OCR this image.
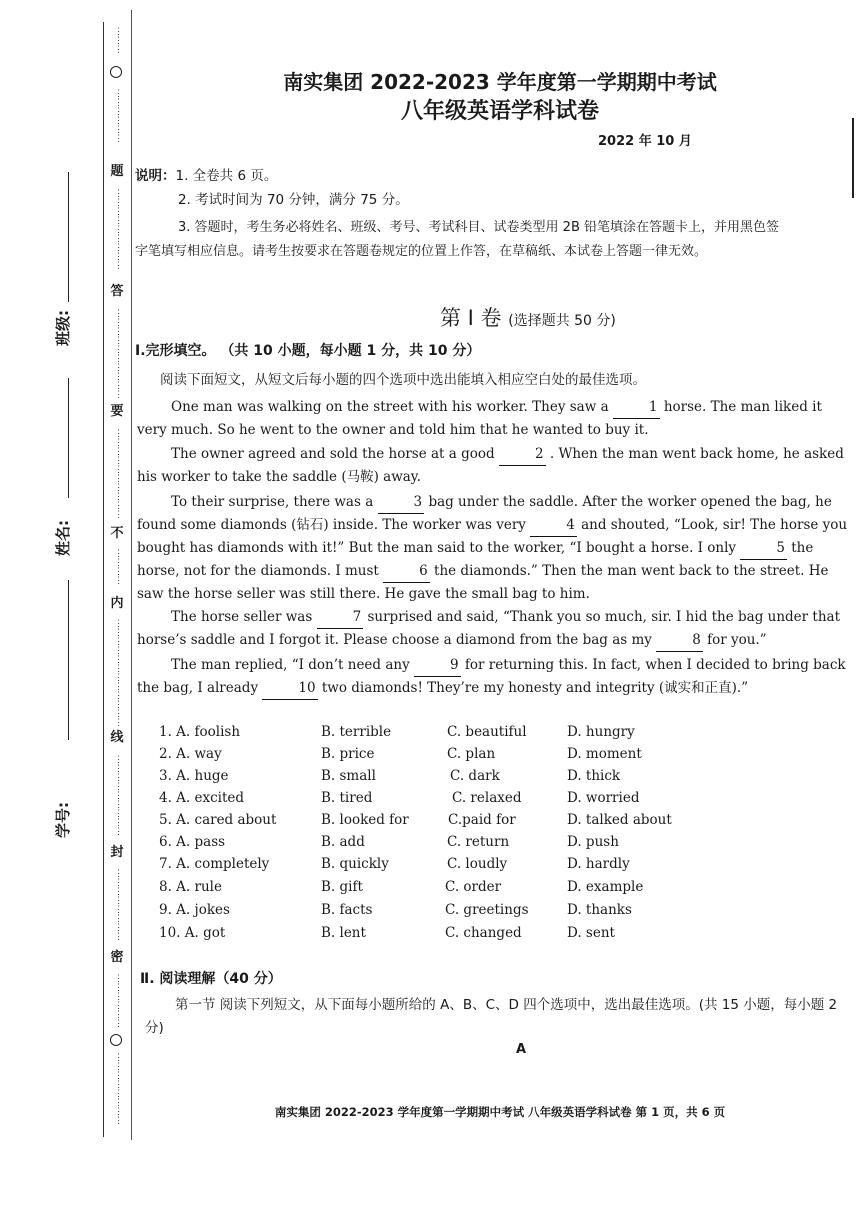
题
答
要
不
内
线
封
密
⋮
⋮
⋮
⋮
⋮
⋮
⋮
⋮
⋮
⋮
⋮
⋮
⋮
⋮
⋮
⋮
⋮
⋮
⋮
⋮
⋮
⋮
⋮
⋮
⋮
⋮
⋮
⋮
⋮
⋮
⋮
⋮
⋮
⋮
⋮
⋮
⋮
⋮
⋮
⋮
⋮
⋮
⋮
⋮
⋮
⋮
⋮
⋮
⋮
⋮
⋮
⋮
⋮
⋮
⋮
⋮
⋮
⋮
⋮
⋮
⋮
⋮
⋮
⋮
⋮
⋮
⋮
⋮
⋮
⋮
⋮
⋮
⋮
⋮
⋮
⋮
⋮
⋮
⋮
⋮
⋮
⋮
⋮
⋮
⋮
班级:
姓名:
学号:
南实集团 2022-2023 学年度第一学期期中考试
八年级英语学科试卷
2022 年 10 月
说明：1. 全卷共 6 页。
2. 考试时间为 70 分钟，满分 75 分。
3. 答题时，考生务必将姓名、班级、考号、考试科目、试卷类型用 2B 铅笔填涂在答题卡上，并用黑色签
字笔填写相应信息。请考生按要求在答题卷规定的位置上作答，在草稿纸、本试卷上答题一律无效。
第 Ⅰ 卷 (选择题共 50 分)
Ⅰ.完形填空。 （共 10 小题，每小题 1 分，共 10 分）
阅读下面短文，从短文后每小题的四个选项中选出能填入相应空白处的最佳选项。
One man was walking on the street with his worker. They saw a	1 horse. The man liked it very much. So he went to the owner and told him that he wanted to buy it.
The owner agreed and sold the horse at a good	2 . When the man went back home, he asked his worker to take the saddle (马鞍) away.
To their surprise, there was a	3 bag under the saddle. After the worker opened the bag, he found some diamonds (钻石) inside. The worker was very	4 and shouted, “Look, sir! The horse you bought has diamonds with it!” But the man said to the worker, “I bought a horse. I only	5 the horse, not for the diamonds. I must	6 the diamonds.” Then the man went back to the street. He saw the horse seller was still there. He gave the small bag to him.
The horse seller was	7 surprised and said, “Thank you so much, sir. I hid the bag under that horse’s saddle and I forgot it. Please choose a diamond from the bag as my	8 for you.”
The man replied, “I don’t need any	9 for returning this. In fact, when I decided to bring back the bag, I already	10 two diamonds! They’re my honesty and integrity (诚实和正直).”
1. A. foolish	B. terrible	C. beautiful	D. hungry
2. A. way	B. price	C. plan	D. moment
3. A. huge	B. small	C. dark	D. thick
4. A. excited	B. tired	C. relaxed	D. worried
5. A. cared about	B. looked for	C.paid for	D. talked about
6. A. pass	B. add	C. return	D. push
7. A. completely	B. quickly	C. loudly	D. hardly
8. A. rule	B. gift	C. order	D. example
9. A. jokes	B. facts	C. greetings	D. thanks
10. A. got	B. lent	C. changed	D. sent
Ⅱ. 阅读理解（40 分）
第一节 阅读下列短文，从下面每小题所给的 A、B、C、D 四个选项中，选出最佳选项。(共 15 小题，每小题 2 分)
A
南实集团 2022-2023 学年度第一学期期中考试 八年级英语学科试卷 第 1 页，共 6 页
